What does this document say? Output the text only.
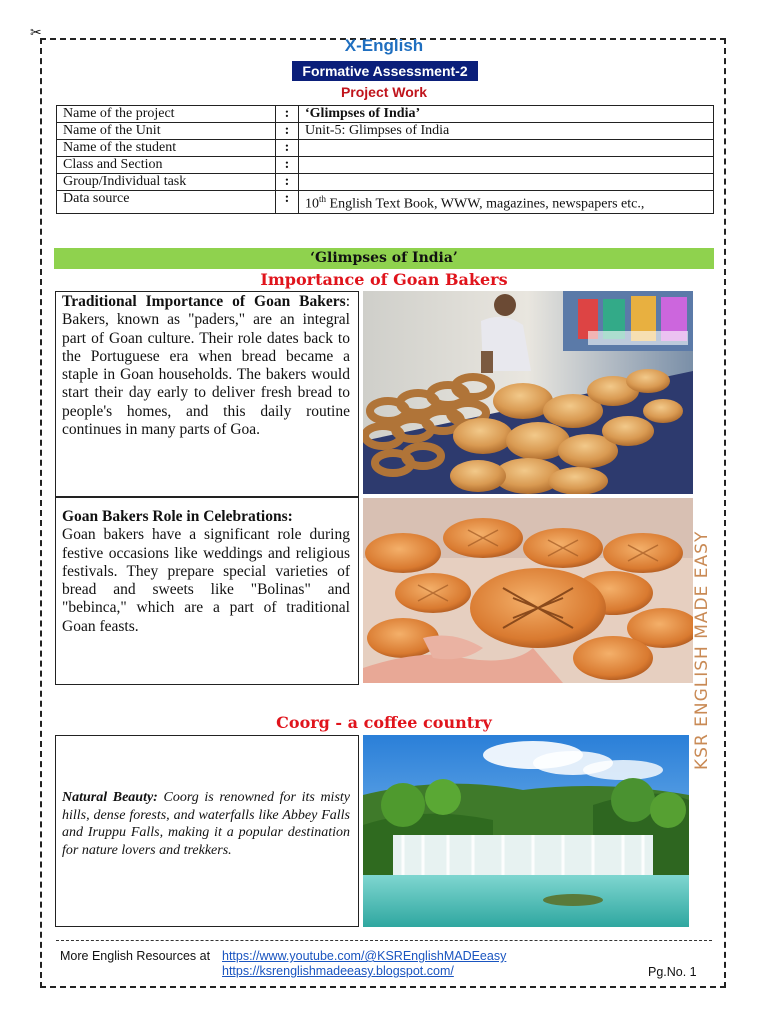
✂
X-English
Formative Assessment-2
Project Work
Name of the project	:	‘Glimpses of India’
Name of the Unit	:	Unit-5: Glimpses of India
Name of the student	:	
Class and Section	:	
Group/Individual task	:	
Data source	:	10th English Text Book, WWW, magazines, newspapers etc.,
‘Glimpses of India’
Importance of Goan Bakers
Traditional Importance of Goan Bakers: Bakers, known as "paders," are an integral part of Goan culture. Their role dates back to the Portuguese era when bread became a staple in Goan households. The bakers would start their day early to deliver fresh bread to people's homes, and this daily routine continues in many parts of Goa.
Goan Bakers Role in Celebrations:
Goan bakers have a significant role during festive occasions like weddings and religious festivals. They prepare special varieties of bread and sweets like "Bolinas" and "bebinca," which are a part of traditional Goan feasts.
Coorg - a coffee country
Natural Beauty: Coorg is renowned for its misty hills, dense forests, and waterfalls like Abbey Falls and Iruppu Falls, making it a popular destination for nature lovers and trekkers.
KSR ENGLISH MADE EASY
More English Resources at https://www.youtube.com/@KSREnglishMADEeasy
https://ksrenglishmadeeasy.blogspot.com/	Pg.No. 1
